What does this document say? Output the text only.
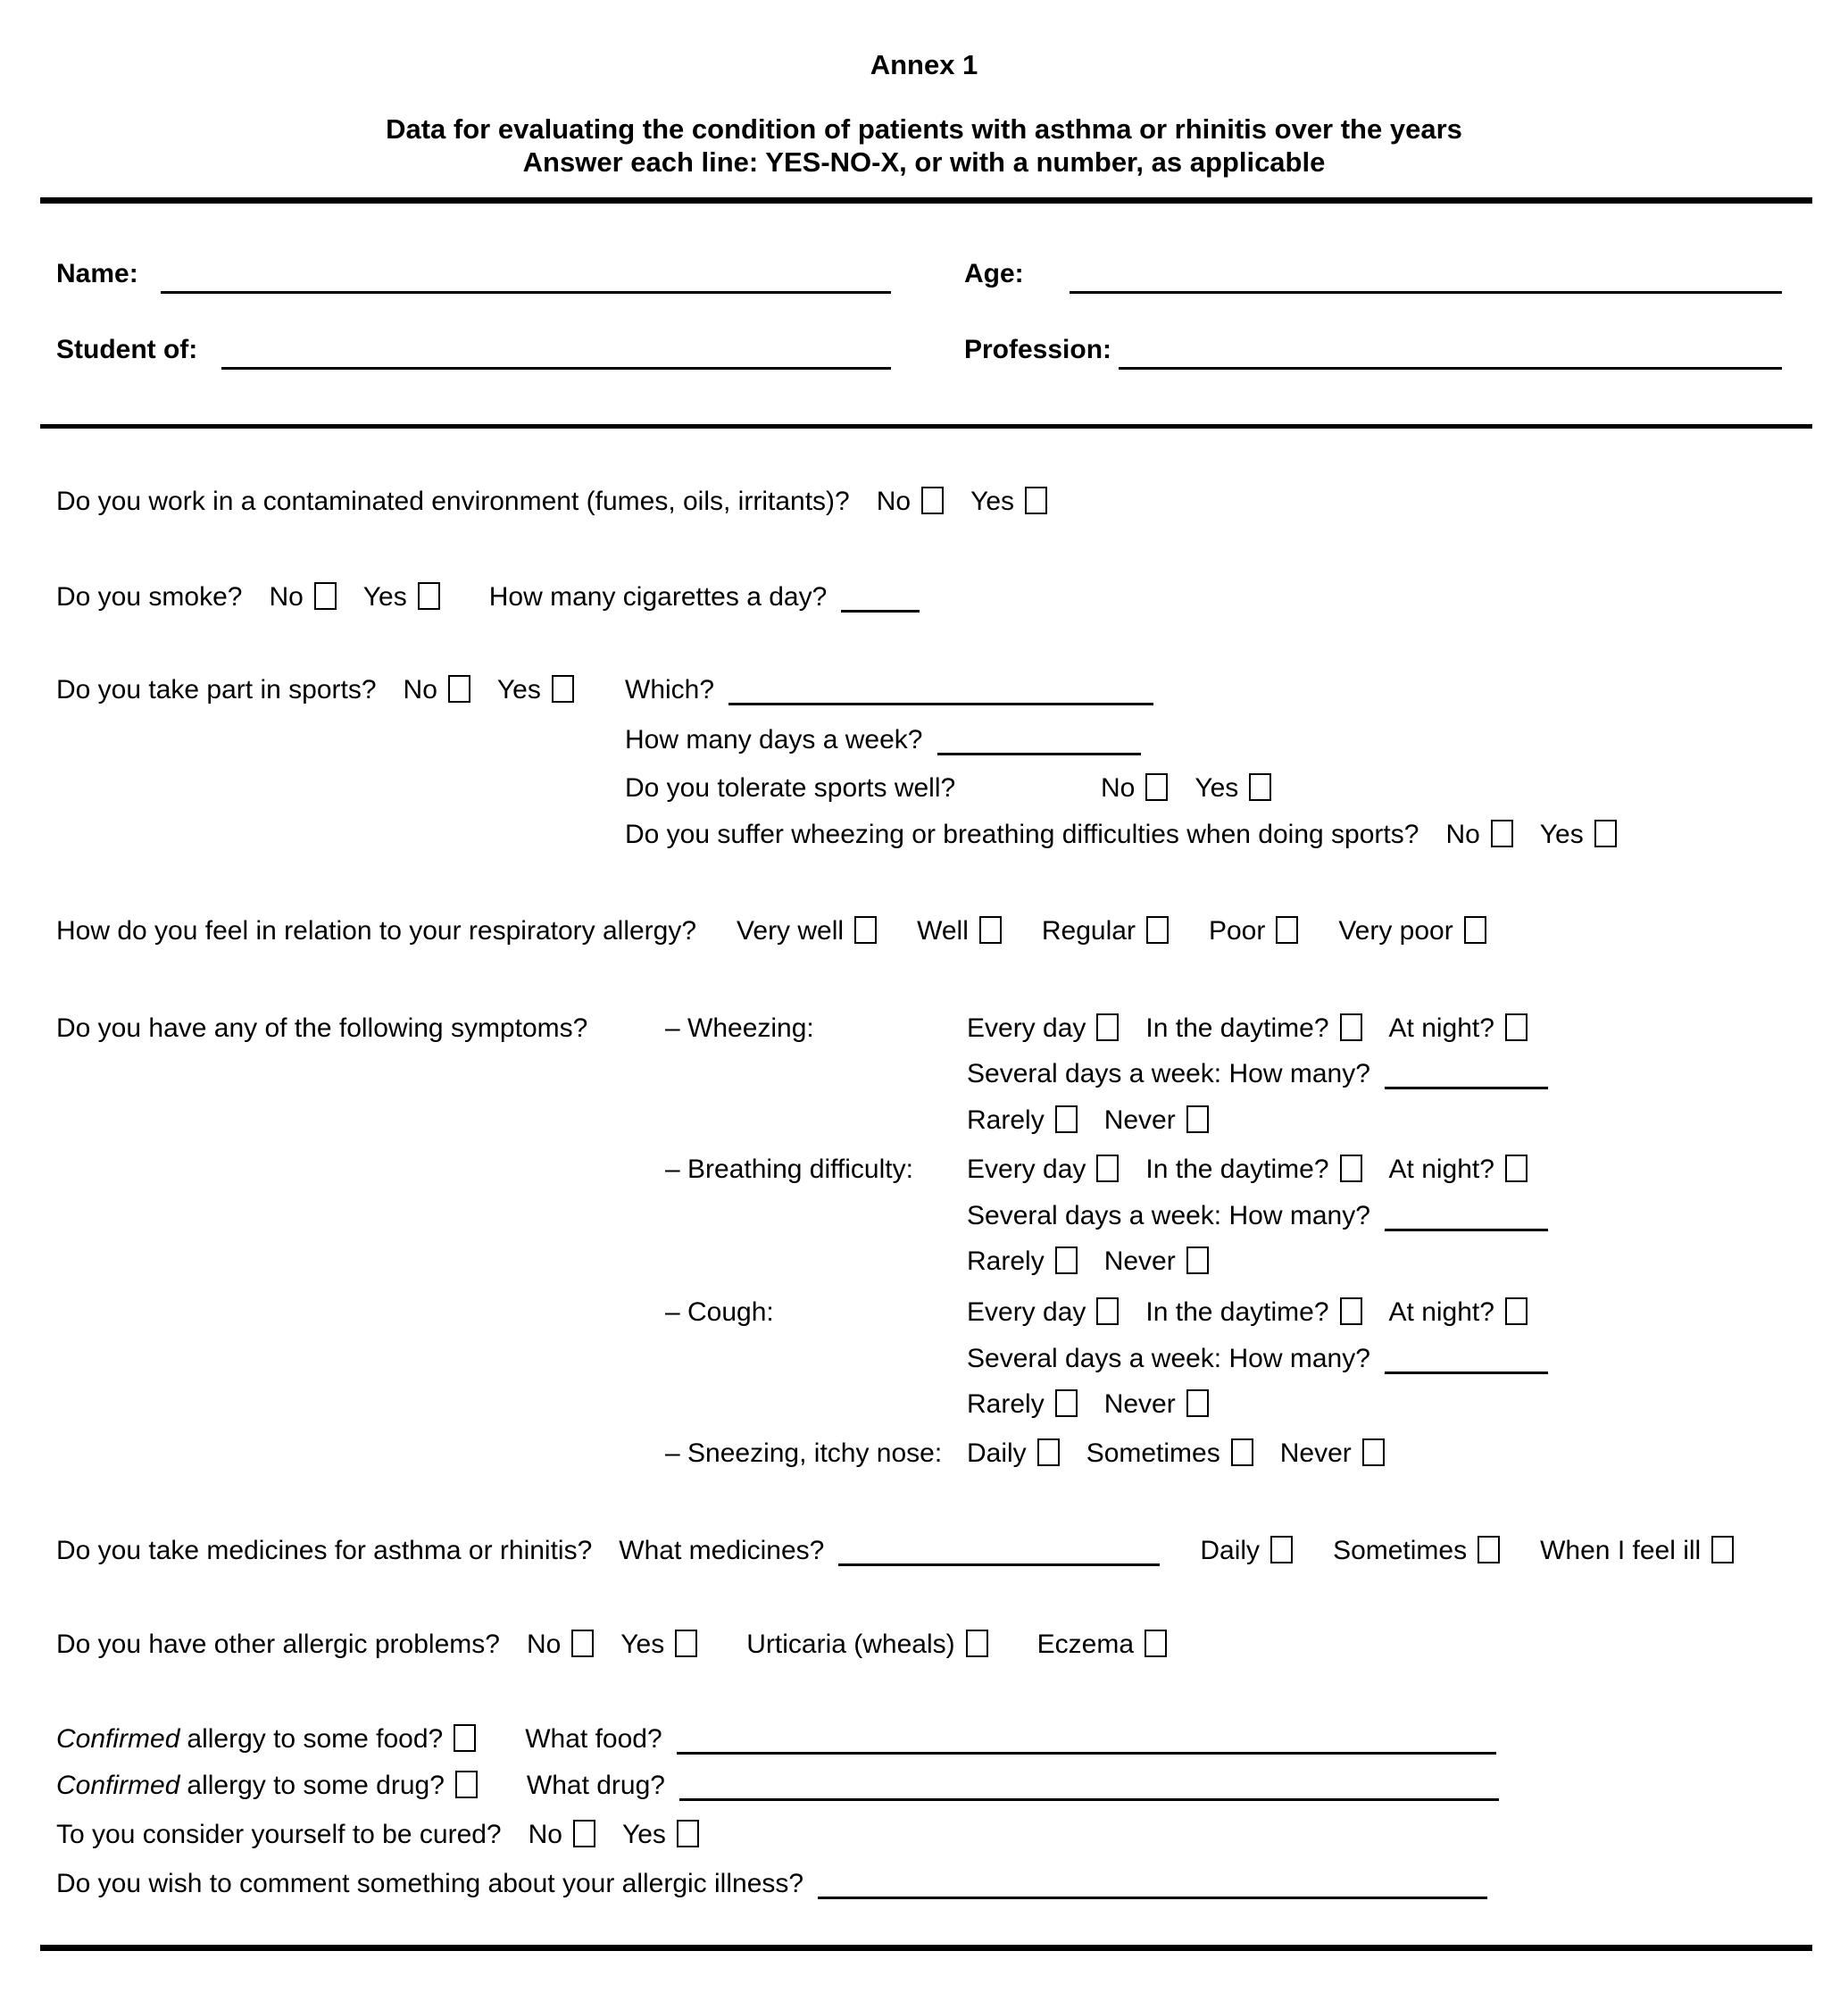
Annex 1
Data for evaluating the condition of patients with asthma or rhinitis over the years
Answer each line: YES-NO-X, or with a number, as applicable
Name:	Age:
Student of:	Profession:
Do you work in a contaminated environment (fumes, oils, irritants)? No Yes
Do you smoke? No Yes	How many cigarettes a day?
Do you take part in sports? No Yes	Which?
How many days a week?
Do you tolerate sports well?	No Yes
Do you suffer wheezing or breathing difficulties when doing sports? No Yes
How do you feel in relation to your respiratory allergy? Very well	Well	Regular	Poor	Very poor
Do you have any of the following symptoms?	– Wheezing:	Every day In the daytime? At night?
Several days a week: How many?
Rarely Never
– Breathing difficulty: Every day In the daytime? At night?
Several days a week: How many?
Rarely Never
– Cough:	Every day In the daytime? At night?
Several days a week: How many?
Rarely Never
– Sneezing, itchy nose: Daily Sometimes Never
Do you take medicines for asthma or rhinitis? What medicines?	Daily	Sometimes	When I feel ill
Do you have other allergic problems? No Yes	Urticaria (wheals)	Eczema
Confirmed allergy to some food?	What food?
Confirmed allergy to some drug?	What drug?
To you consider yourself to be cured? No Yes
Do you wish to comment something about your allergic illness?
